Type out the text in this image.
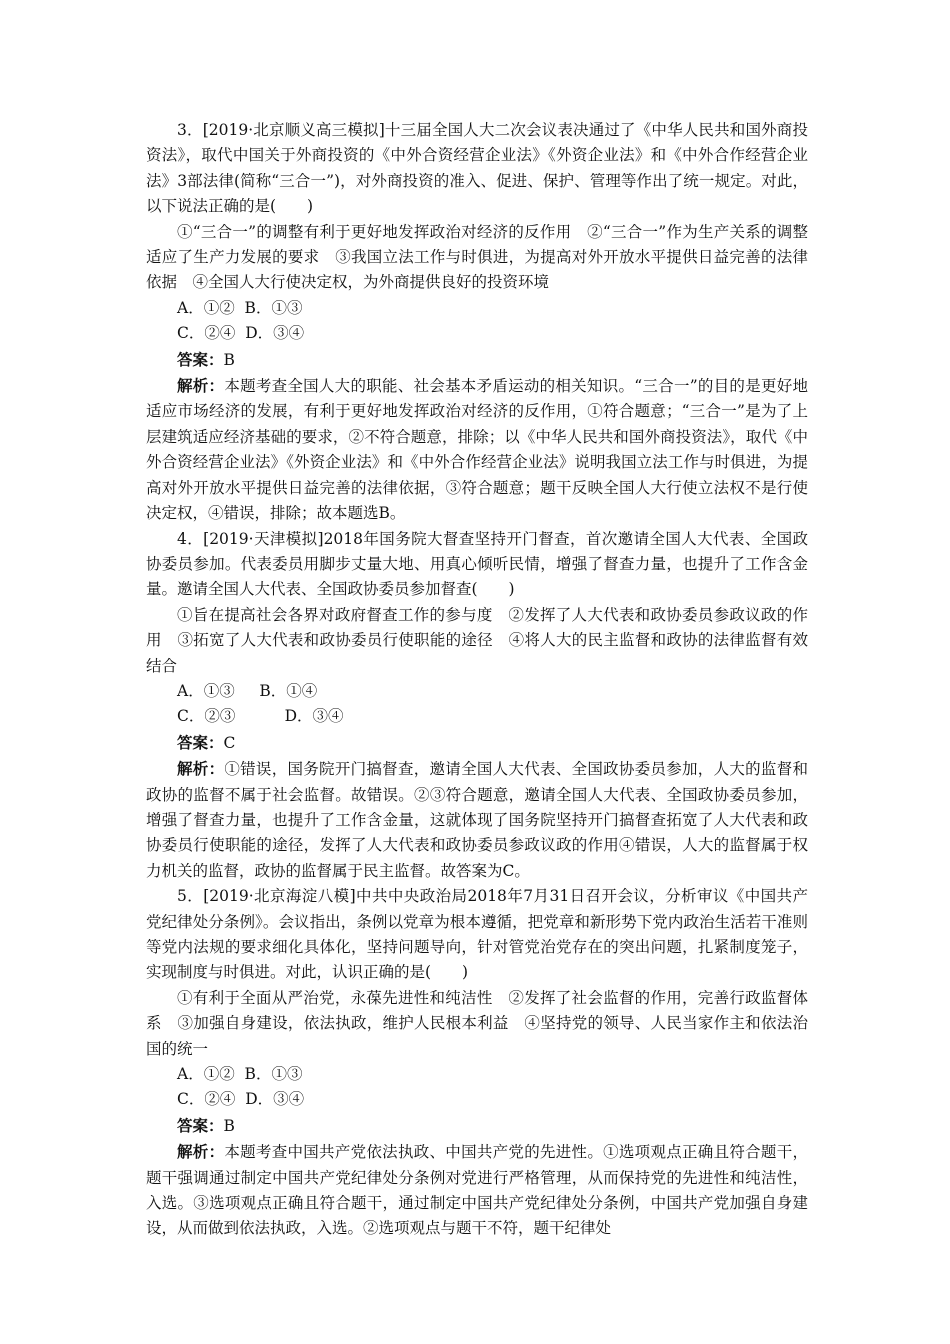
3．[2019·北京顺义高三模拟]十三届全国人大二次会议表决通过了《中华人民共和国外商投资法》，取代中国关于外商投资的《中外合资经营企业法》《外资企业法》和《中外合作经营企业法》3部法律(简称“三合一”)，对外商投资的准入、促进、保护、管理等作出了统一规定。对此，以下说法正确的是(　　)

①“三合一”的调整有利于更好地发挥政治对经济的反作用　②“三合一”作为生产关系的调整适应了生产力发展的要求　③我国立法工作与时俱进，为提高对外开放水平提供日益完善的法律依据　④全国人大行使决定权，为外商提供良好的投资环境

A．①②  B．①③

C．②④  D．③④

答案：B

解析：本题考查全国人大的职能、社会基本矛盾运动的相关知识。“三合一”的目的是更好地适应市场经济的发展，有利于更好地发挥政治对经济的反作用，①符合题意；“三合一”是为了上层建筑适应经济基础的要求，②不符合题意，排除；以《中华人民共和国外商投资法》，取代《中外合资经营企业法》《外资企业法》和《中外合作经营企业法》说明我国立法工作与时俱进，为提高对外开放水平提供日益完善的法律依据，③符合题意；题干反映全国人大行使立法权不是行使决定权，④错误，排除；故本题选B。

4．[2019·天津模拟]2018年国务院大督查坚持开门督查，首次邀请全国人大代表、全国政协委员参加。代表委员用脚步丈量大地、用真心倾听民情，增强了督查力量，也提升了工作含金量。邀请全国人大代表、全国政协委员参加督查(　　)

①旨在提高社会各界对政府督查工作的参与度　②发挥了人大代表和政协委员参政议政的作用　③拓宽了人大代表和政协委员行使职能的途径　④将人大的民主监督和政协的法律监督有效结合

A．①③     B．①④

C．②③          D．③④

答案：C

解析：①错误，国务院开门搞督查，邀请全国人大代表、全国政协委员参加，人大的监督和政协的监督不属于社会监督。故错误。②③符合题意，邀请全国人大代表、全国政协委员参加，增强了督查力量，也提升了工作含金量，这就体现了国务院坚持开门搞督查拓宽了人大代表和政协委员行使职能的途径，发挥了人大代表和政协委员参政议政的作用④错误，人大的监督属于权力机关的监督，政协的监督属于民主监督。故答案为C。

5．[2019·北京海淀八模]中共中央政治局2018年7月31日召开会议，分析审议《中国共产党纪律处分条例》。会议指出，条例以党章为根本遵循，把党章和新形势下党内政治生活若干准则等党内法规的要求细化具体化，坚持问题导向，针对管党治党存在的突出问题，扎紧制度笼子，实现制度与时俱进。对此，认识正确的是(　　)

①有利于全面从严治党，永葆先进性和纯洁性　②发挥了社会监督的作用，完善行政监督体系　③加强自身建设，依法执政，维护人民根本利益　④坚持党的领导、人民当家作主和依法治国的统一

A．①②  B．①③

C．②④  D．③④

答案：B

解析：本题考查中国共产党依法执政、中国共产党的先进性。①选项观点正确且符合题干，题干强调通过制定中国共产党纪律处分条例对党进行严格管理，从而保持党的先进性和纯洁性，入选。③选项观点正确且符合题干，通过制定中国共产党纪律处分条例，中国共产党加强自身建设，从而做到依法执政，入选。②选项观点与题干不符，题干纪律处
